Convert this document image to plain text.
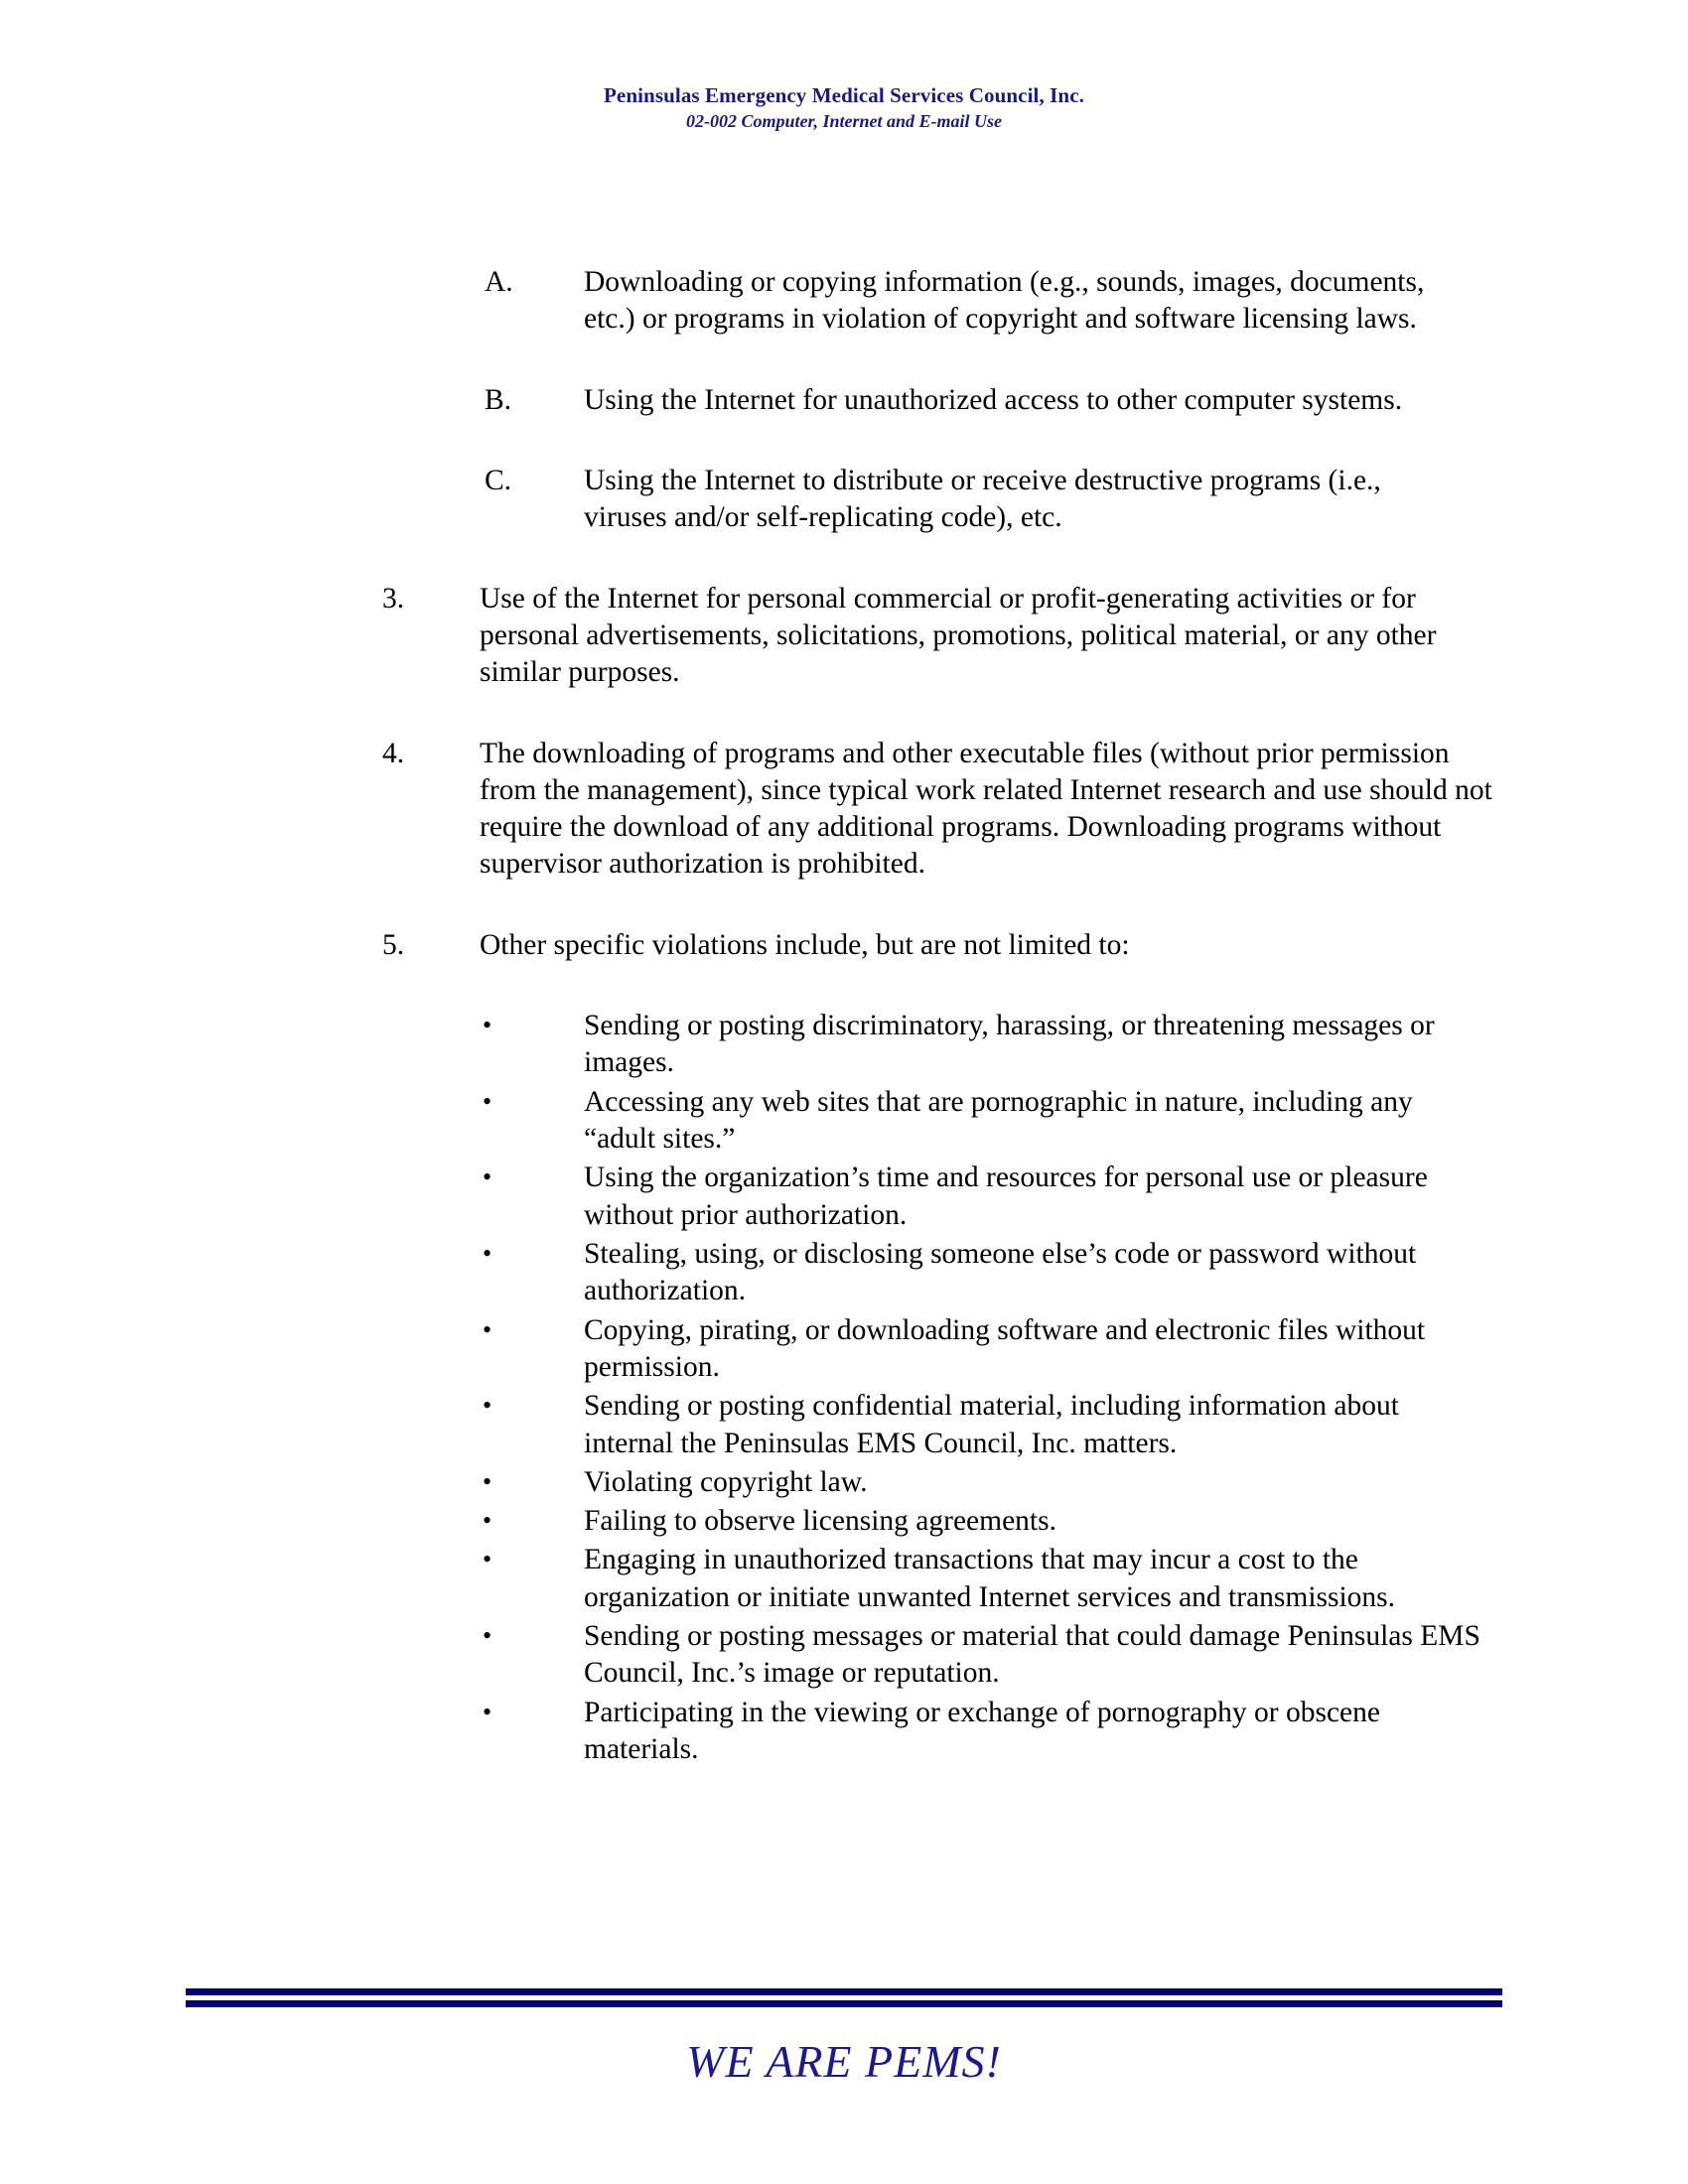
Peninsulas Emergency Medical Services Council, Inc.
02-002 Computer, Internet and E-mail Use
A.	Downloading or copying information (e.g., sounds, images, documents, etc.) or programs in violation of copyright and software licensing laws.
B.	Using the Internet for unauthorized access to other computer systems.
C.	Using the Internet to distribute or receive destructive programs (i.e., viruses and/or self-replicating code), etc.
3.	Use of the Internet for personal commercial or profit-generating activities or for personal advertisements, solicitations, promotions, political material, or any other similar purposes.
4.	The downloading of programs and other executable files (without prior permission from the management), since typical work related Internet research and use should not require the download of any additional programs. Downloading programs without supervisor authorization is prohibited.
5.	Other specific violations include, but are not limited to:
•	Sending or posting discriminatory, harassing, or threatening messages or images.
•	Accessing any web sites that are pornographic in nature, including any “adult sites.”
•	Using the organization’s time and resources for personal use or pleasure without prior authorization.
•	Stealing, using, or disclosing someone else’s code or password without authorization.
•	Copying, pirating, or downloading software and electronic files without permission.
•	Sending or posting confidential material, including information about internal the Peninsulas EMS Council, Inc. matters.
•	Violating copyright law.
•	Failing to observe licensing agreements.
•	Engaging in unauthorized transactions that may incur a cost to the organization or initiate unwanted Internet services and transmissions.
•	Sending or posting messages or material that could damage Peninsulas EMS Council, Inc.’s image or reputation.
•	Participating in the viewing or exchange of pornography or obscene materials.
WE ARE PEMS!
